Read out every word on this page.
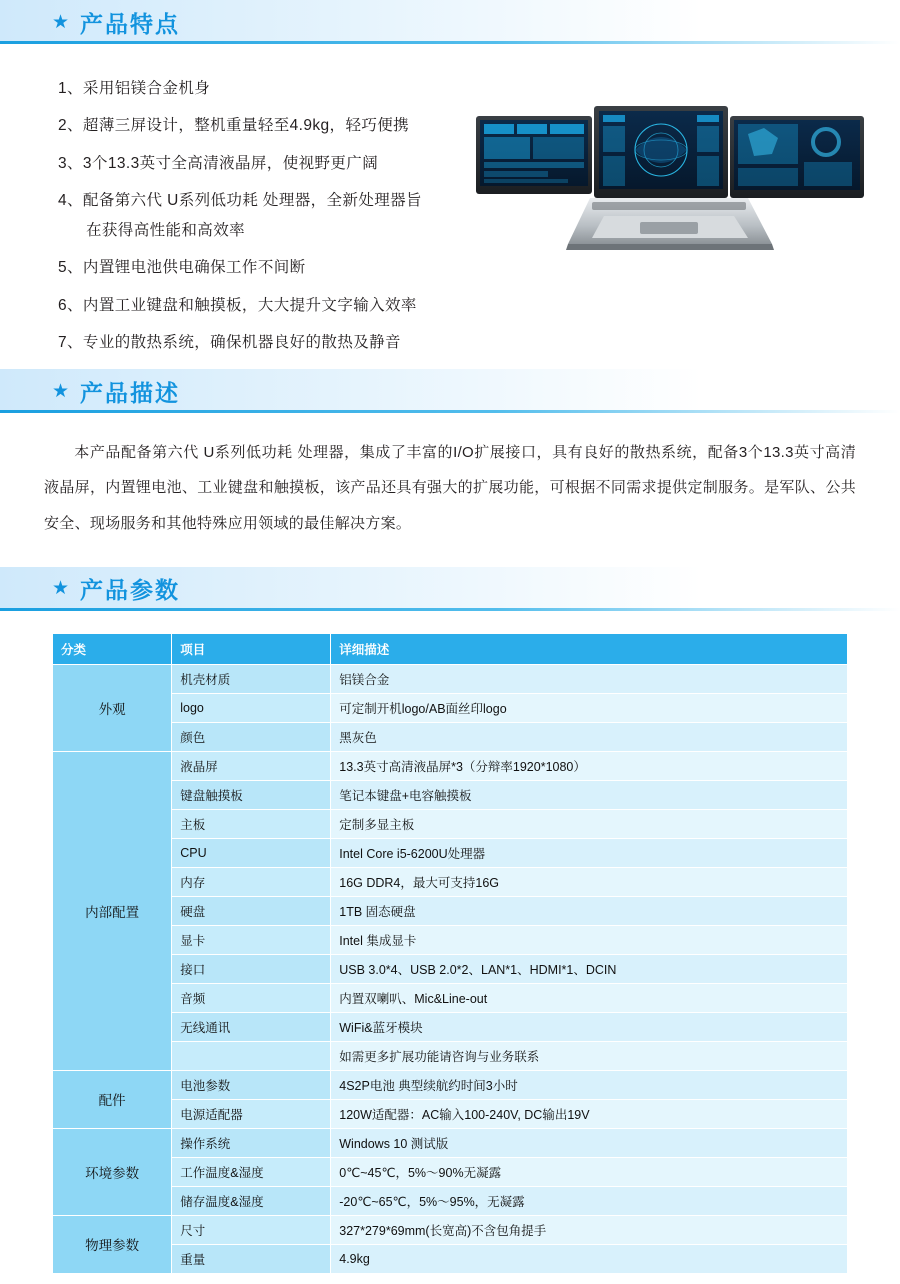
★ 产品特点
1、采用铝镁合金机身
2、超薄三屏设计，整机重量轻至4.9kg，轻巧便携
3、3个13.3英寸全高清液晶屏，使视野更广阔
4、配备第六代 U系列低功耗 处理器，全新处理器旨
在获得高性能和高效率
5、内置锂电池供电确保工作不间断
6、内置工业键盘和触摸板，大大提升文字输入效率
7、专业的散热系统，确保机器良好的散热及静音
★ 产品描述
本产品配备第六代 U系列低功耗 处理器，集成了丰富的I/O扩展接口，具有良好的散热系统，配备3个13.3英寸高清液晶屏，内置锂电池、工业键盘和触摸板，该产品还具有强大的扩展功能，可根据不同需求提供定制服务。是军队、公共安全、现场服务和其他特殊应用领域的最佳解决方案。
★ 产品参数
分类	项目	详细描述
外观	机壳材质	铝镁合金
	logo	可定制开机logo/AB面丝印logo
	颜色	黑灰色
内部配置	液晶屏	13.3英寸高清液晶屏*3（分辩率1920*1080）
	键盘触摸板	笔记本键盘+电容触摸板
	主板	定制多显主板
	CPU	Intel Core i5-6200U处理器
	内存	16G DDR4，最大可支持16G
	硬盘	1TB 固态硬盘
	显卡	Intel 集成显卡
	接口	USB 3.0*4、USB 2.0*2、LAN*1、HDMI*1、DCIN
	音频	内置双喇叭、Mic&Line-out
	无线通讯	WiFi&蓝牙模块
		如需更多扩展功能请咨询与业务联系
配件	电池参数	4S2P电池 典型续航约时间3小时
	电源适配器	120W适配器：AC输入100-240V, DC输出19V
环境参数	操作系统	Windows 10 测试版
	工作温度&湿度	0℃~45℃，5%～90%无凝露
	储存温度&湿度	-20℃~65℃，5%～95%，无凝露
物理参数	尺寸	327*279*69mm(长宽高)不含包角提手
	重量	4.9kg
